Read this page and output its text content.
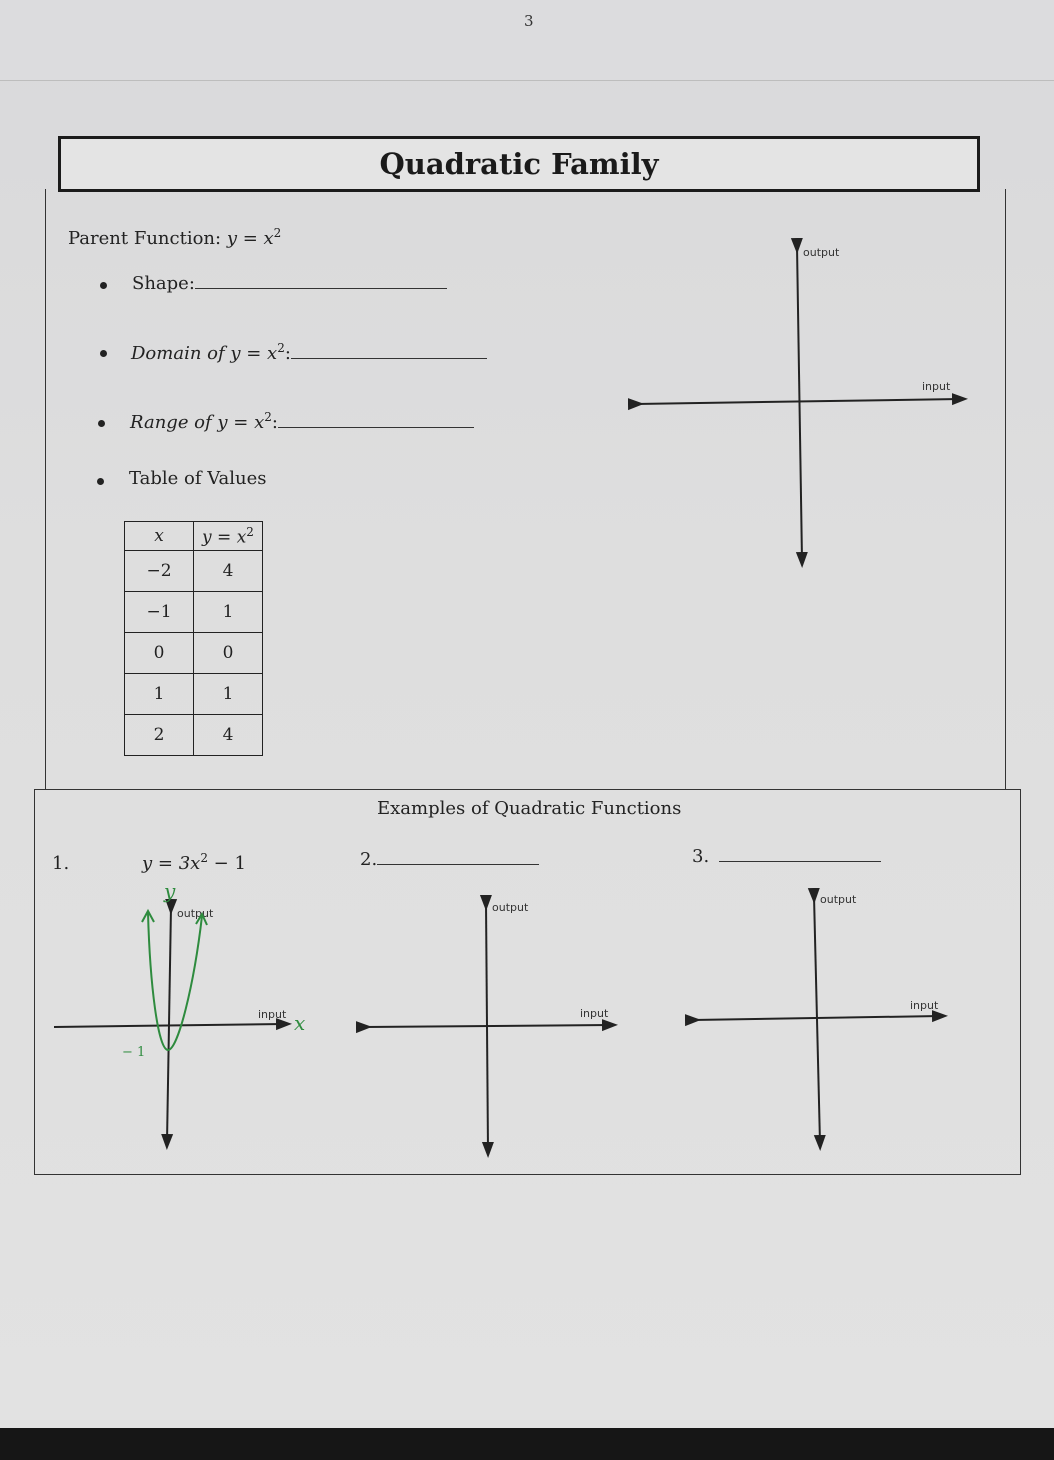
3
Quadratic Family
Parent Function: $y = x^2$
Shape:
Domain of $y = x^2$:
Range of $y = x^2$:
Table of Values
x	$y = x^2$
−2	4
−1	1
0	0
1	1
2	4
Examples of Quadratic Functions
1.	$y = 3x^2 - 1$	2.	3.
output
input
output
input
y
x
− 1
output
input
output
input
